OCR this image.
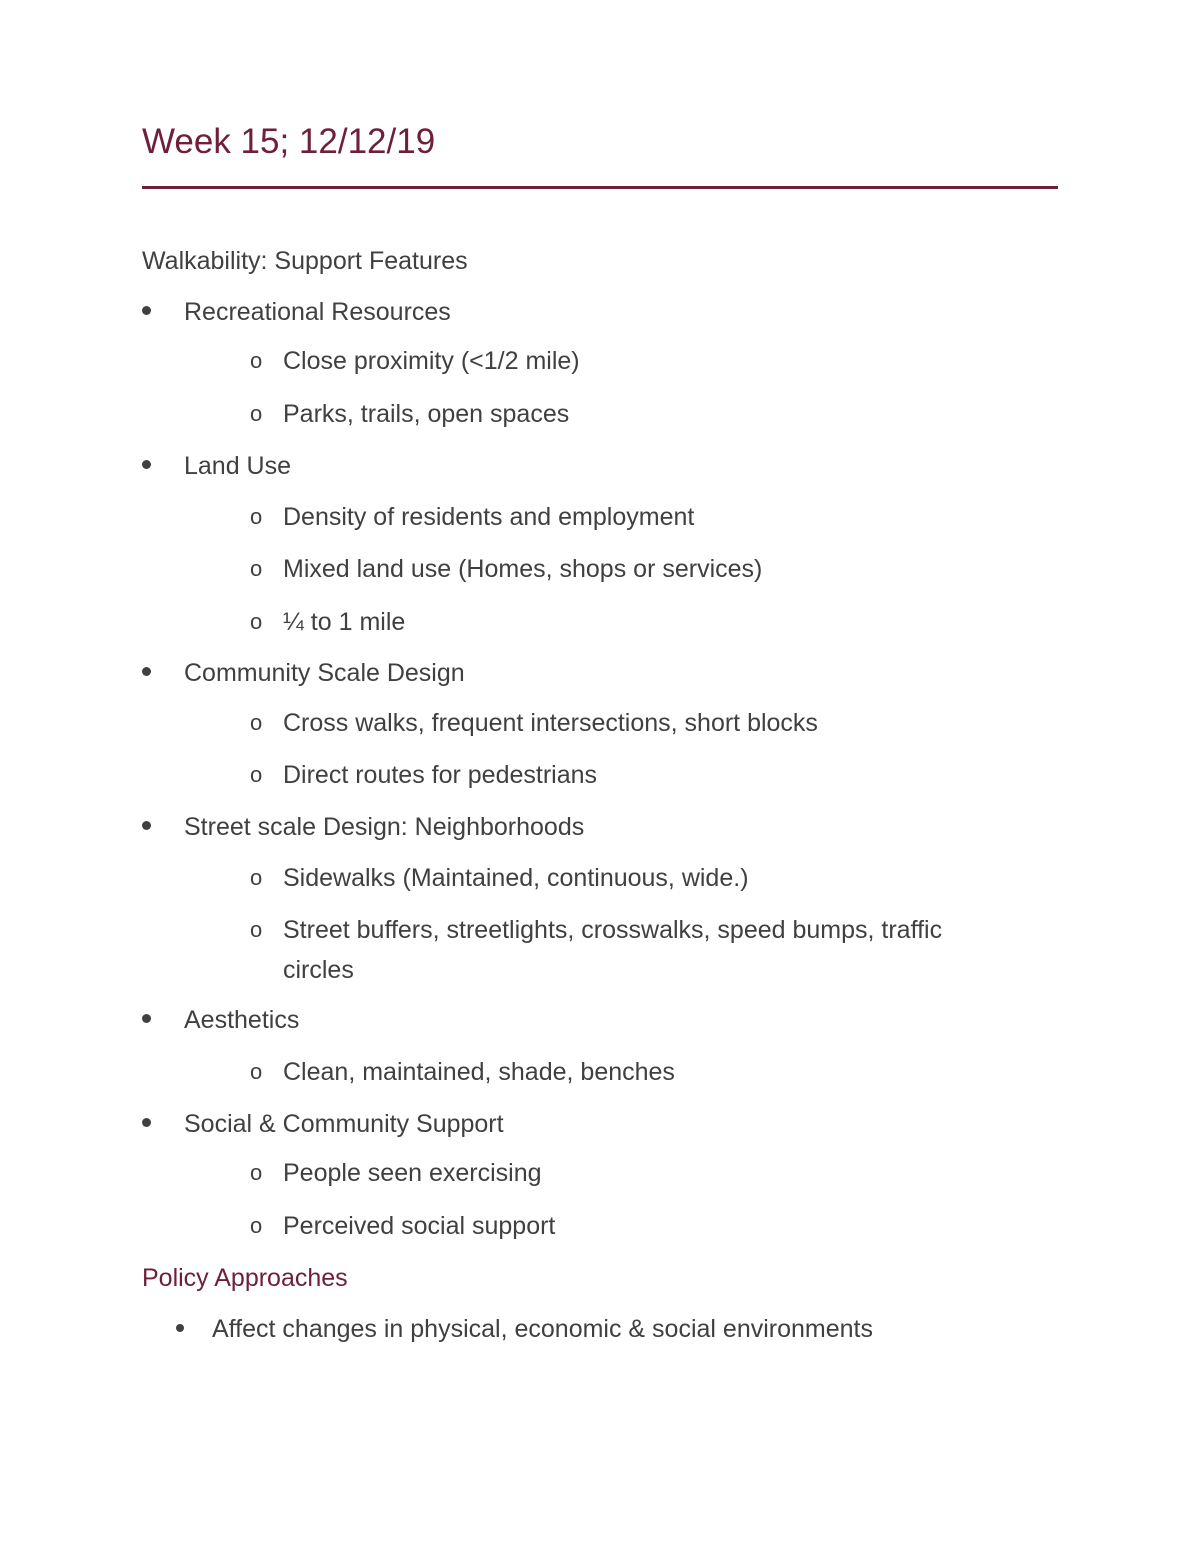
Week 15; 12/12/19
Walkability: Support Features
Recreational Resources
o Close proximity (<1/2 mile)
o Parks, trails, open spaces
Land Use
o Density of residents and employment
o Mixed land use (Homes, shops or services)
o ¼ to 1 mile
Community Scale Design
o Cross walks, frequent intersections, short blocks
o Direct routes for pedestrians
Street scale Design: Neighborhoods
o Sidewalks (Maintained, continuous, wide.)
o Street buffers, streetlights, crosswalks, speed bumps, traffic
circles
Aesthetics
o Clean, maintained, shade, benches
Social & Community Support
o People seen exercising
o Perceived social support
Policy Approaches
Affect changes in physical, economic & social environments
